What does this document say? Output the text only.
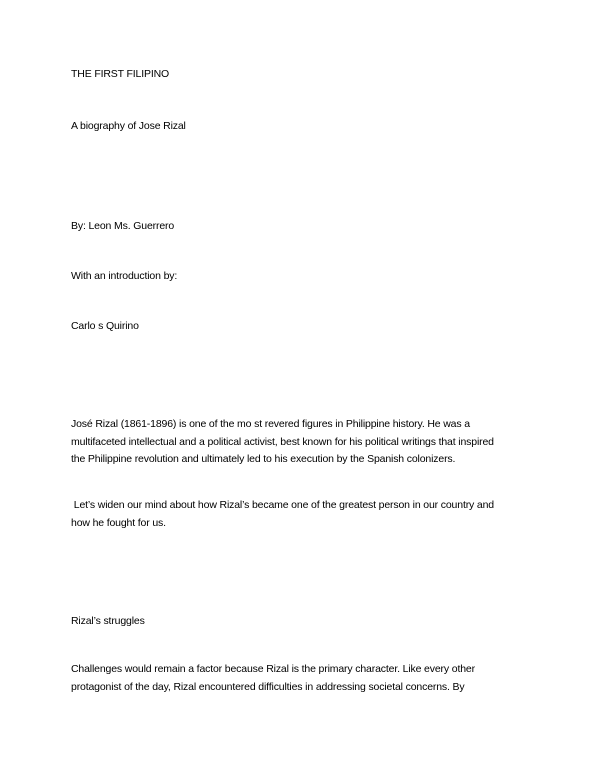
THE FIRST FILIPINO
A biography of Jose Rizal
By: Leon Ms. Guerrero
With an introduction by:
Carlo s Quirino
José Rizal (1861-1896) is one of the mo st revered figures in Philippine history. He was a
multifaceted intellectual and a political activist, best known for his political writings that inspired
the Philippine revolution and ultimately led to his execution by the Spanish colonizers.
Let’s widen our mind about how Rizal’s became one of the greatest person in our country and
how he fought for us.
Rizal’s struggles
Challenges would remain a factor because Rizal is the primary character. Like every other
protagonist of the day, Rizal encountered difficulties in addressing societal concerns. By
